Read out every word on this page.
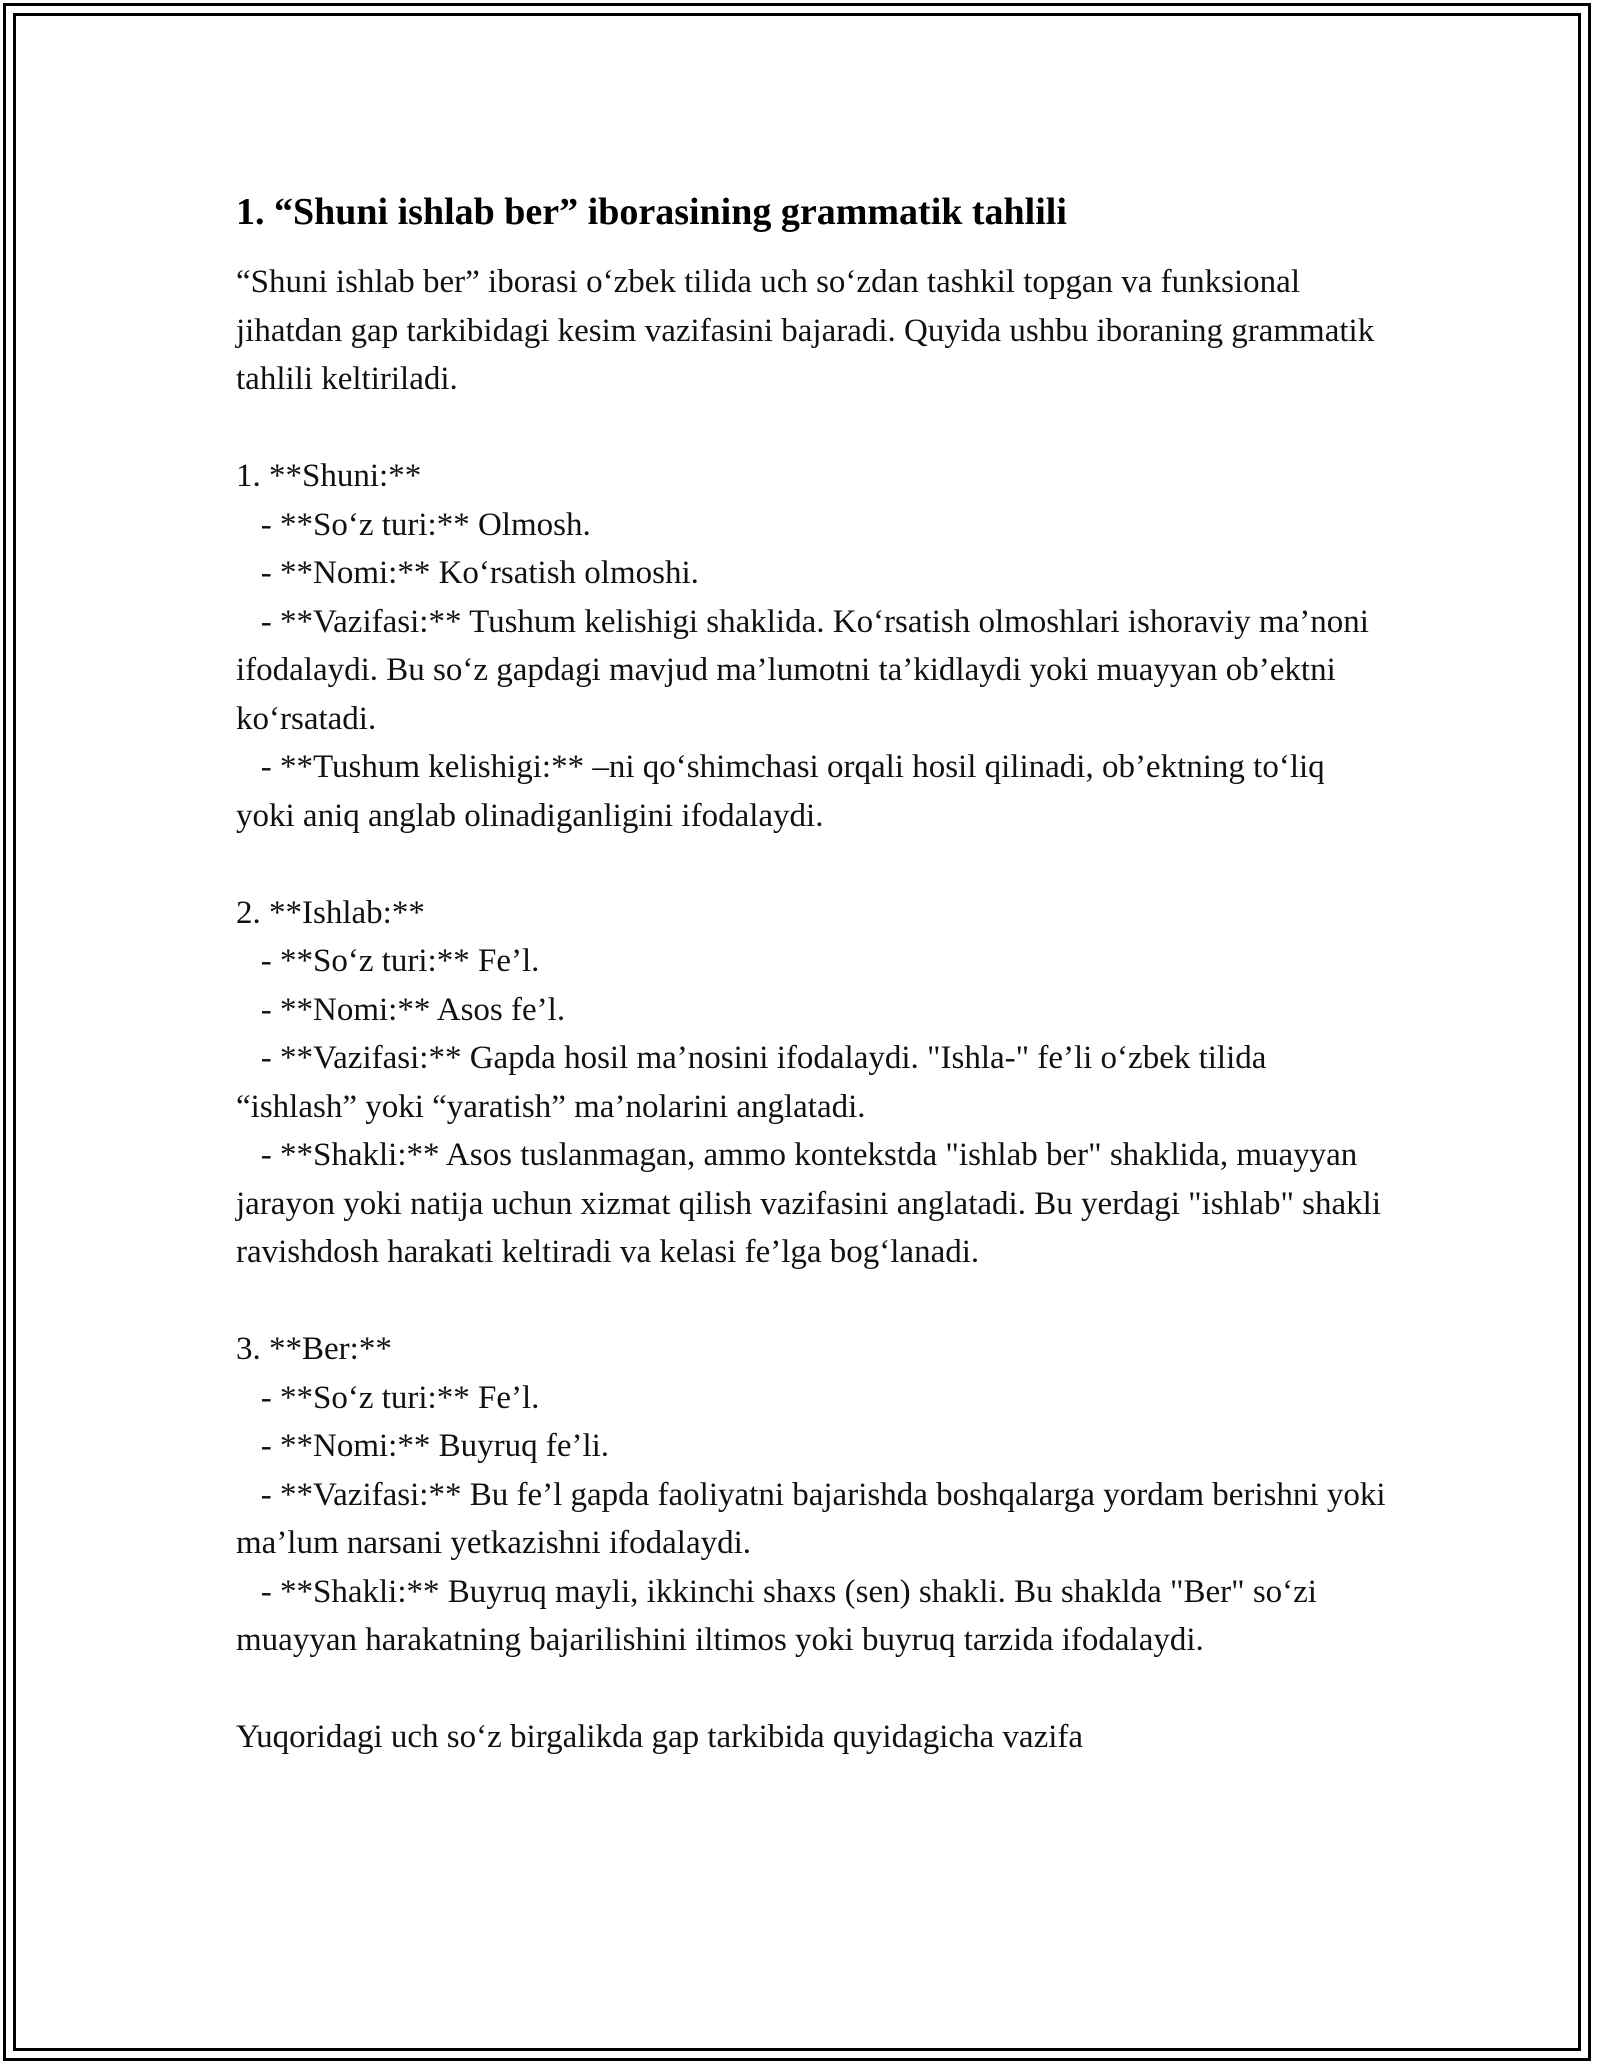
1. “Shuni ishlab ber” iborasining grammatik tahlili

“Shuni ishlab ber” iborasi o‘zbek tilida uch so‘zdan tashkil topgan va funksional jihatdan gap tarkibidagi kesim vazifasini bajaradi. Quyida ushbu iboraning grammatik tahlili keltiriladi.

1. **Shuni:**

- **So‘z turi:** Olmosh.

- **Nomi:** Ko‘rsatish olmoshi.

- **Vazifasi:** Tushum kelishigi shaklida. Ko‘rsatish olmoshlari ishoraviy ma’noni ifodalaydi. Bu so‘z gapdagi mavjud ma’lumotni ta’kidlaydi yoki muayyan ob’ektni ko‘rsatadi.

- **Tushum kelishigi:** –ni qo‘shimchasi orqali hosil qilinadi, ob’ektning to‘liq yoki aniq anglab olinadiganligini ifodalaydi.

2. **Ishlab:**

- **So‘z turi:** Fe’l.

- **Nomi:** Asos fe’l.

- **Vazifasi:** Gapda hosil ma’nosini ifodalaydi. "Ishla-" fe’li o‘zbek tilida “ishlash” yoki “yaratish” ma’nolarini anglatadi.

- **Shakli:** Asos tuslanmagan, ammo kontekstda "ishlab ber" shaklida, muayyan jarayon yoki natija uchun xizmat qilish vazifasini anglatadi. Bu yerdagi "ishlab" shakli ravishdosh harakati keltiradi va kelasi fe’lga bog‘lanadi.

3. **Ber:**

- **So‘z turi:** Fe’l.

- **Nomi:** Buyruq fe’li.

- **Vazifasi:** Bu fe’l gapda faoliyatni bajarishda boshqalarga yordam berishni yoki ma’lum narsani yetkazishni ifodalaydi.

- **Shakli:** Buyruq mayli, ikkinchi shaxs (sen) shakli. Bu shaklda "Ber" so‘zi muayyan harakatning bajarilishini iltimos yoki buyruq tarzida ifodalaydi.

Yuqoridagi uch so‘z birgalikda gap tarkibida quyidagicha vazifa
